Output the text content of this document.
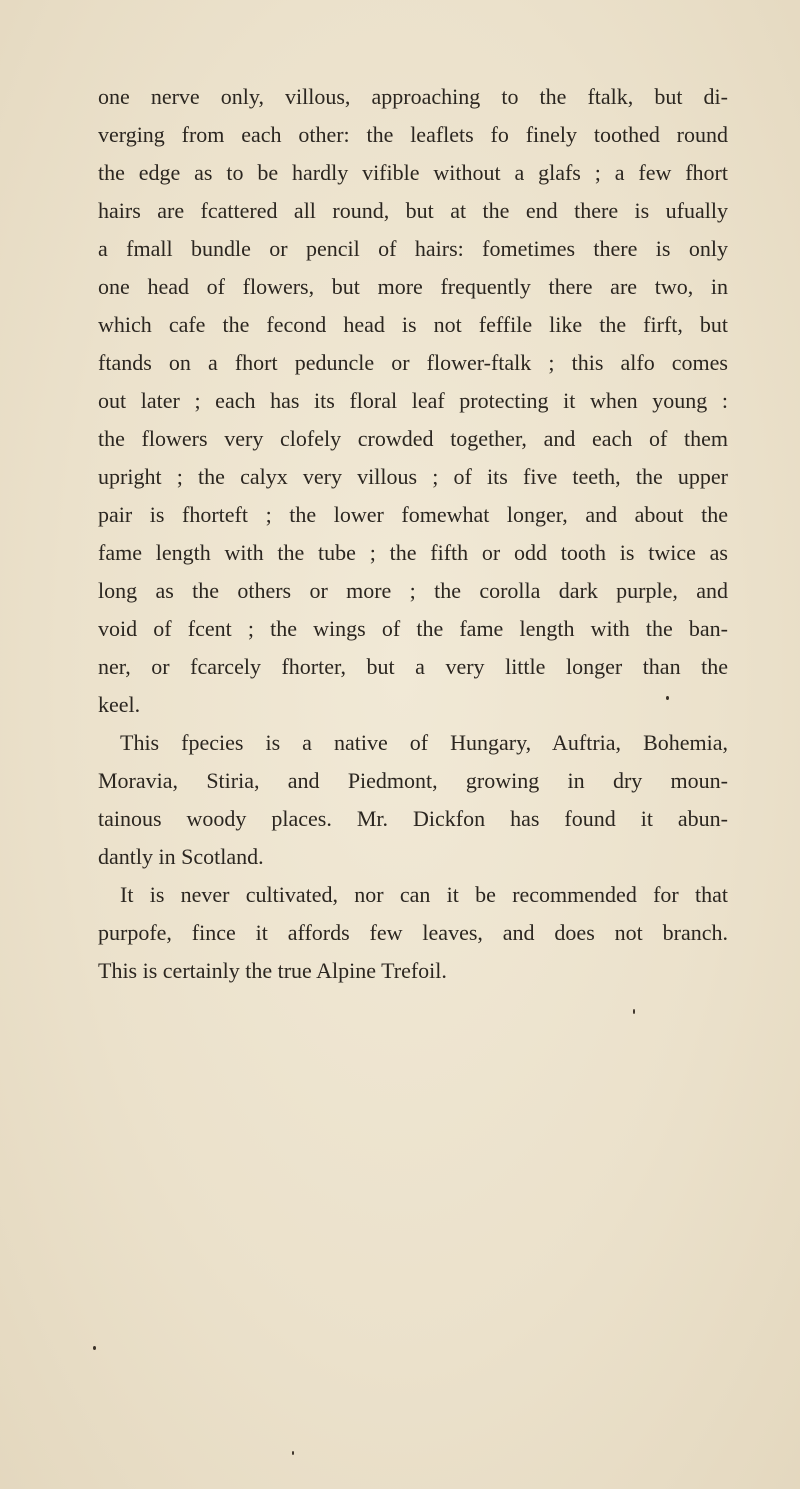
one nerve only, villous, approaching to the ftalk, but di-
verging from each other: the leaflets fo finely toothed round
the edge as to be hardly vifible without a glafs ; a few fhort
hairs are fcattered all round, but at the end there is ufually
a fmall bundle or pencil of hairs: fometimes there is only
one head of flowers, but more frequently there are two, in
which cafe the fecond head is not feffile like the firft, but
ftands on a fhort peduncle or flower-ftalk ; this alfo comes
out later ; each has its floral leaf protecting it when young :
the flowers very clofely crowded together, and each of them
upright ; the calyx very villous ; of its five teeth, the upper
pair is fhorteft ; the lower fomewhat longer, and about the
fame length with the tube ; the fifth or odd tooth is twice as
long as the others or more ; the corolla dark purple, and
void of fcent ; the wings of the fame length with the ban-
ner, or fcarcely fhorter, but a very little longer than the
keel.
This fpecies is a native of Hungary, Auftria, Bohemia,
Moravia, Stiria, and Piedmont, growing in dry moun-
tainous woody places. Mr. Dickfon has found it abun-
dantly in Scotland.
It is never cultivated, nor can it be recommended for that
purpofe, fince it affords few leaves, and does not branch.
This is certainly the true Alpine Trefoil.
